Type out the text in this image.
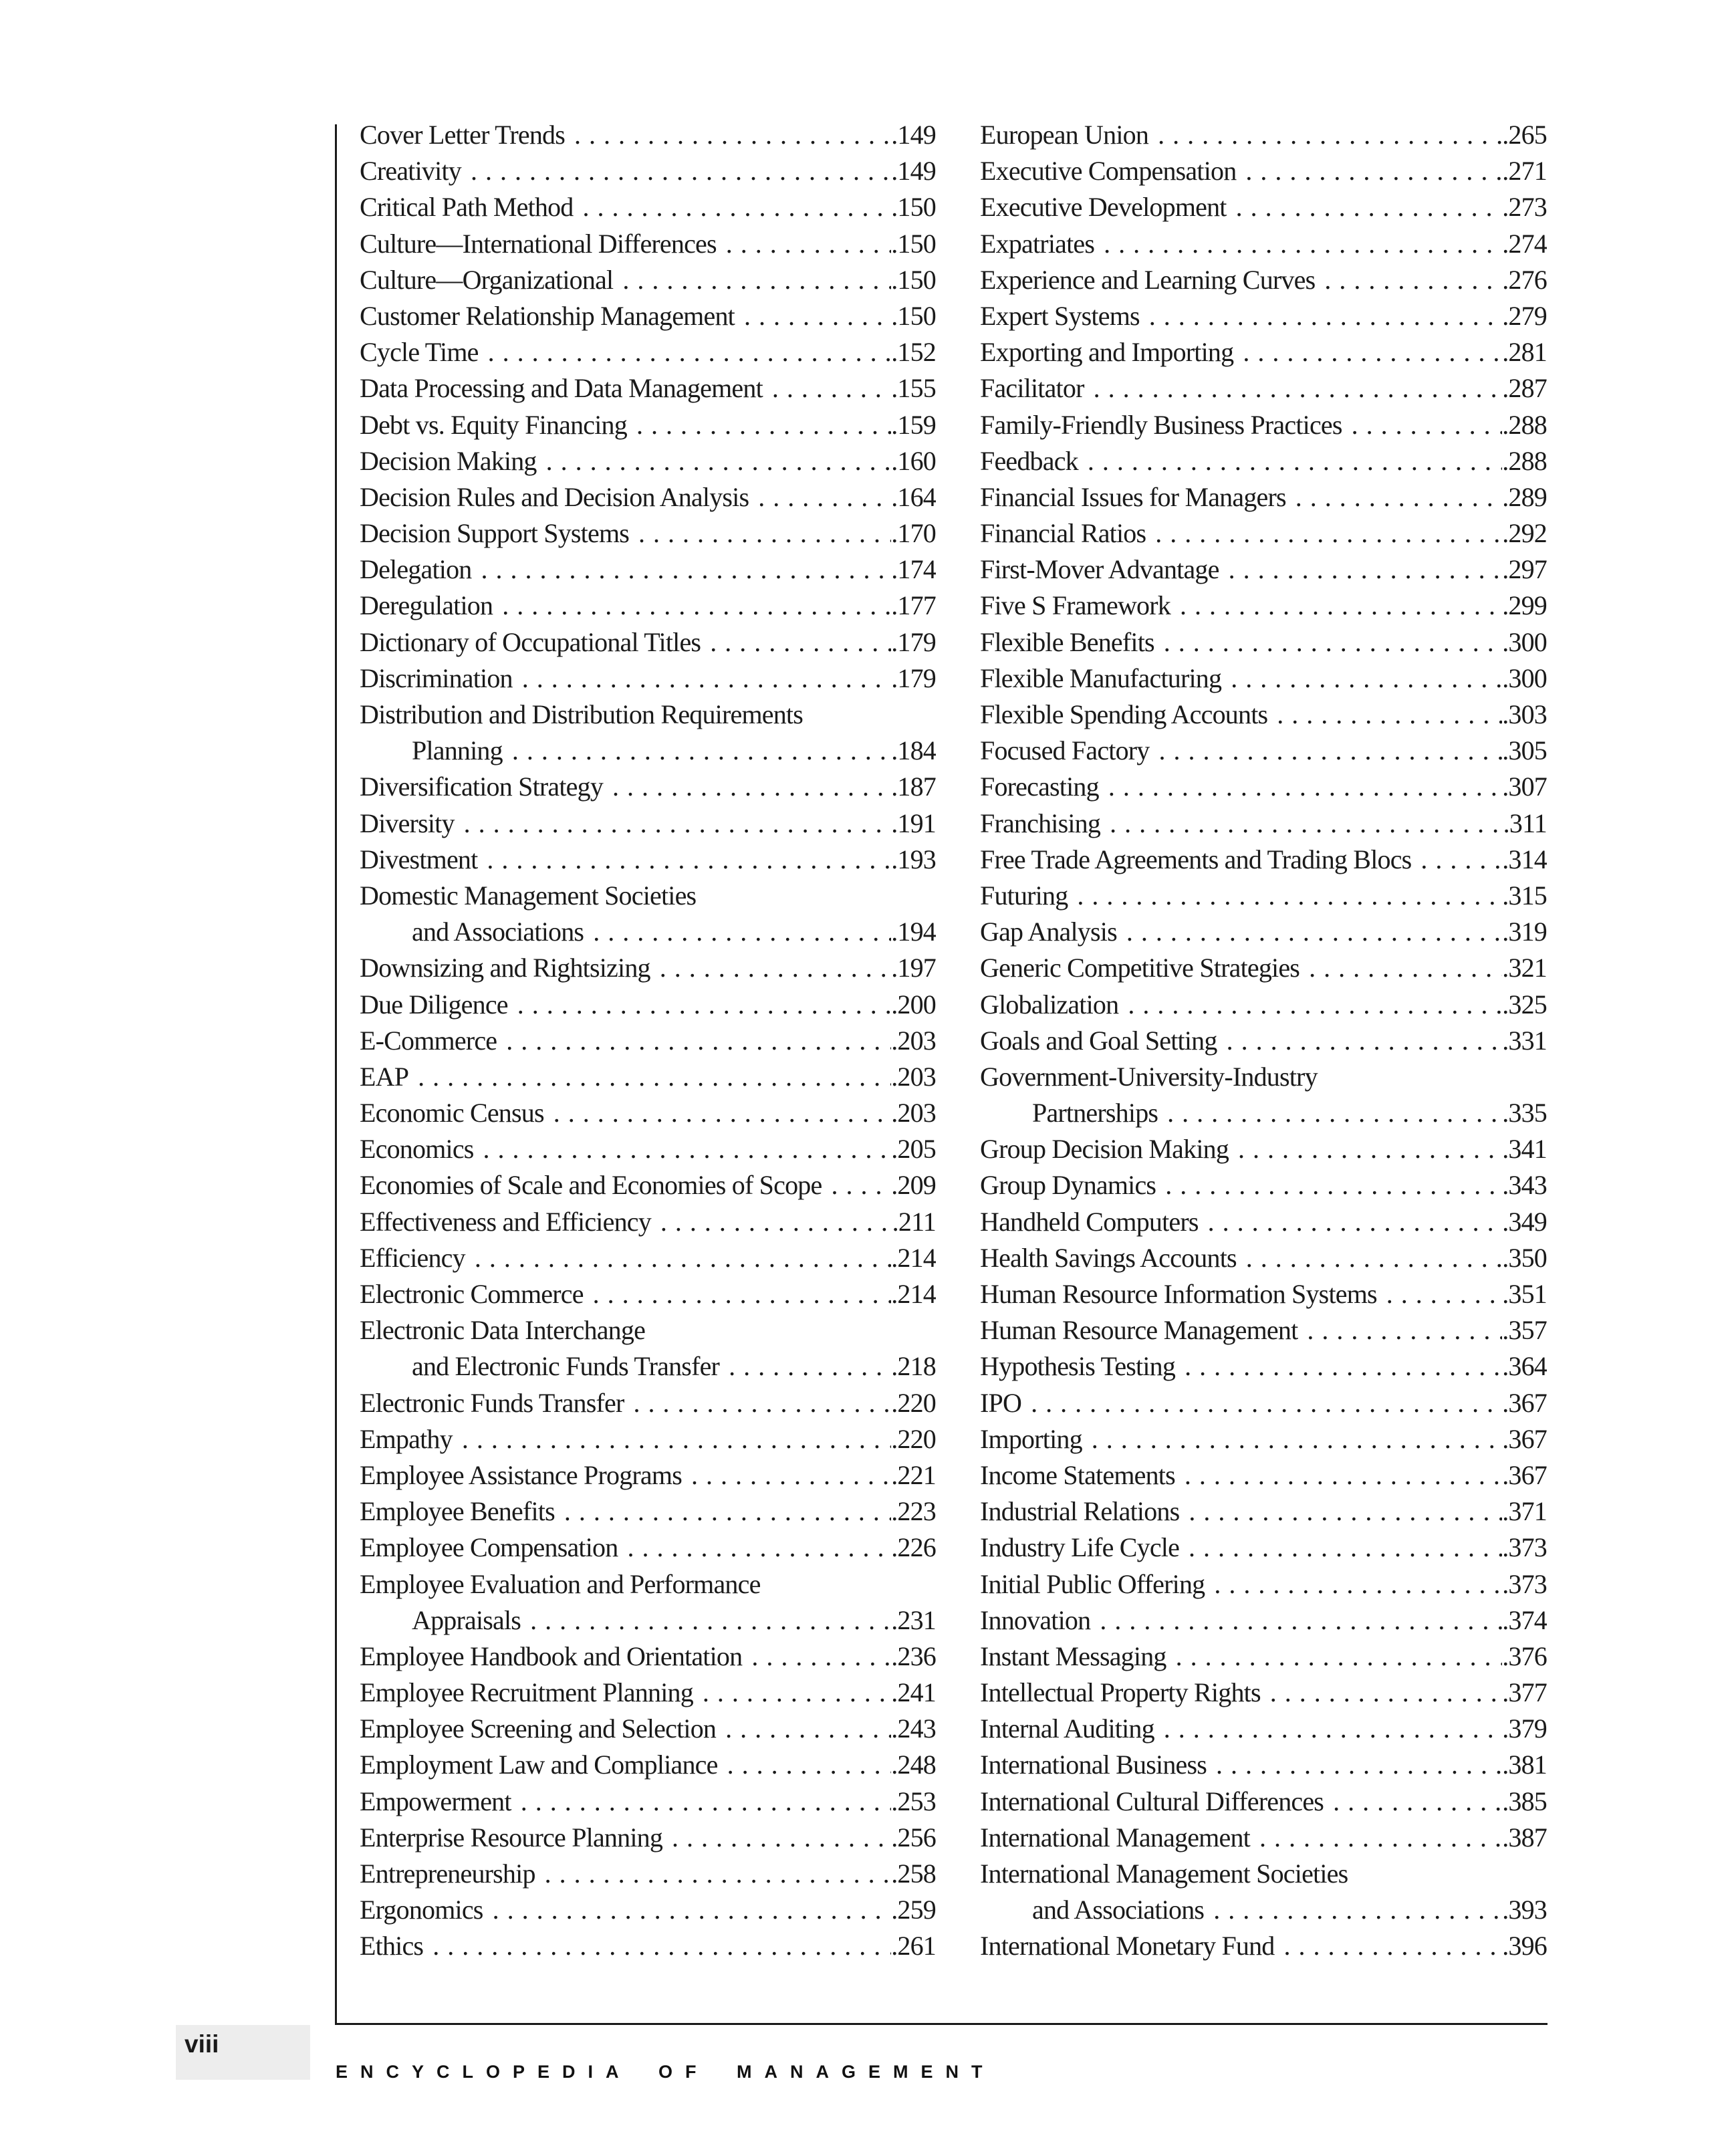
Cover Letter Trends . . .	. 149
Creativity . . .	. 149
Critical Path Method . . .	. 150
Culture—International Differences . . .	. 150
Culture—Organizational . . .	. 150
Customer Relationship Management . . .	. 150
Cycle Time . . .	. 152
Data Processing and Data Management . . .	. 155
Debt vs. Equity Financing . . .	. 159
Decision Making . . .	. 160
Decision Rules and Decision Analysis . . .	. 164
Decision Support Systems . . .	. 170
Delegation . . .	. 174
Deregulation . . .	. 177
Dictionary of Occupational Titles . . .	. 179
Discrimination . . .	. 179
Distribution and Distribution Requirements
Planning . . .	. 184
Diversification Strategy . . .	. 187
Diversity . . .	. 191
Divestment . . .	. 193
Domestic Management Societies
and Associations . . .	. 194
Downsizing and Rightsizing . . .	. 197
Due Diligence . . .	. 200
E-Commerce . . .	. 203
EAP . . .	. 203
Economic Census . . .	. 203
Economics . . .	. 205
Economies of Scale and Economies of Scope . . .	. 209
Effectiveness and Efficiency . . .	. 211
Efficiency . . .	. 214
Electronic Commerce . . .	. 214
Electronic Data Interchange
and Electronic Funds Transfer . . .	. 218
Electronic Funds Transfer . . .	. 220
Empathy . . .	. 220
Employee Assistance Programs . . .	. 221
Employee Benefits . . .	. 223
Employee Compensation . . .	. 226
Employee Evaluation and Performance
Appraisals . . .	. 231
Employee Handbook and Orientation . . .	. 236
Employee Recruitment Planning . . .	. 241
Employee Screening and Selection . . .	. 243
Employment Law and Compliance . . .	. 248
Empowerment . . .	. 253
Enterprise Resource Planning . . .	. 256
Entrepreneurship . . .	. 258
Ergonomics . . .	. 259
Ethics . . .	. 261
European Union . . .	. 265
Executive Compensation . . .	. 271
Executive Development . . .	. 273
Expatriates . . .	. 274
Experience and Learning Curves . . .	. 276
Expert Systems . . .	. 279
Exporting and Importing . . .	. 281
Facilitator . . .	. 287
Family-Friendly Business Practices . . .	. 288
Feedback . . .	. 288
Financial Issues for Managers . . .	. 289
Financial Ratios . . .	. 292
First-Mover Advantage . . .	. 297
Five S Framework . . .	. 299
Flexible Benefits . . .	. 300
Flexible Manufacturing . . .	. 300
Flexible Spending Accounts . . .	. 303
Focused Factory . . .	. 305
Forecasting . . .	. 307
Franchising . . .	. 311
Free Trade Agreements and Trading Blocs . . .	. 314
Futuring . . .	. 315
Gap Analysis . . .	. 319
Generic Competitive Strategies . . .	. 321
Globalization . . .	. 325
Goals and Goal Setting . . .	. 331
Government-University-Industry
Partnerships . . .	. 335
Group Decision Making . . .	. 341
Group Dynamics . . .	. 343
Handheld Computers . . .	. 349
Health Savings Accounts . . .	. 350
Human Resource Information Systems . . .	. 351
Human Resource Management . . .	. 357
Hypothesis Testing . . .	. 364
IPO . . .	. 367
Importing . . .	. 367
Income Statements . . .	. 367
Industrial Relations . . .	. 371
Industry Life Cycle . . .	. 373
Initial Public Offering . . .	. 373
Innovation . . .	. 374
Instant Messaging . . .	. 376
Intellectual Property Rights . . .	. 377
Internal Auditing . . .	. 379
International Business . . .	. 381
International Cultural Differences . . .	. 385
International Management . . .	. 387
International Management Societies
and Associations . . .	. 393
International Monetary Fund . . .	. 396
viii
ENCYCLOPEDIA OF MANAGEMENT
